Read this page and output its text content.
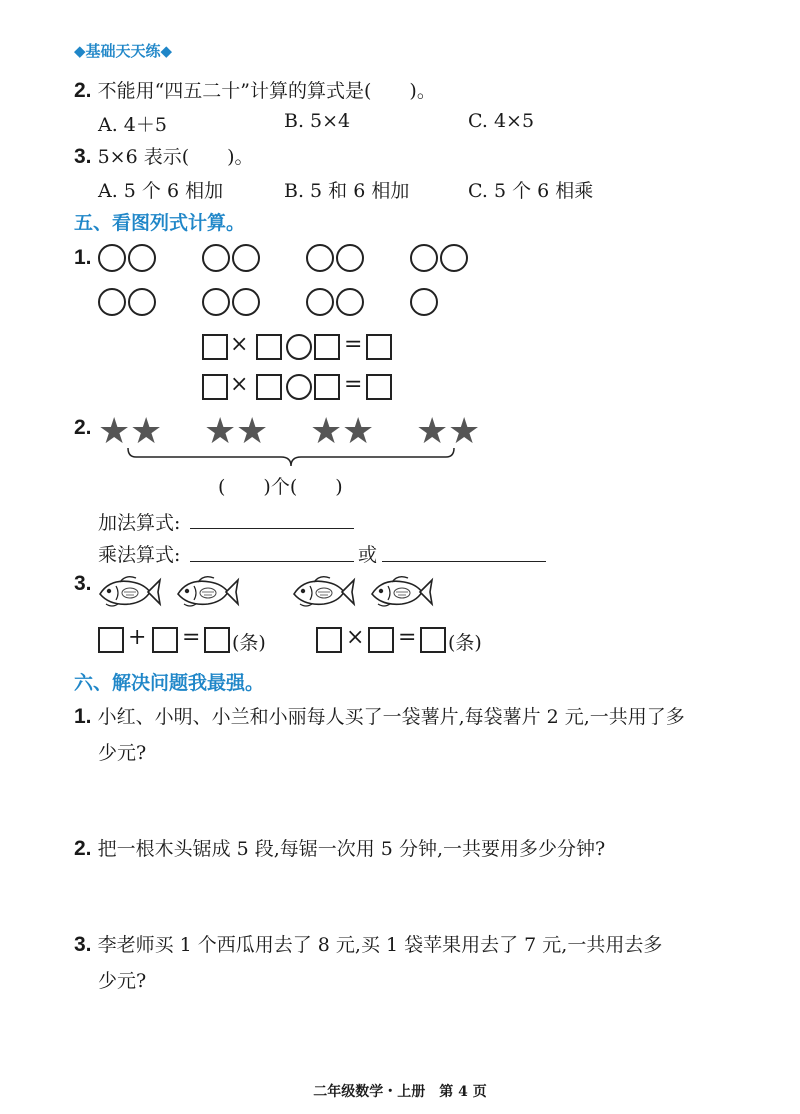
◆基础天天练◆
2. 不能用“四五二十”计算的算式是(　　)。
A. 4＋5	B. 5×4	C. 4×5
3. 5×6 表示(　　)。
A. 5 个 6 相加	B. 5 和 6 相加	C. 5 个 6 相乘
五、看图列式计算。
1.
×	=
×	=
2. ★ ★ ★ ★ ★ ★ ★ ★
(　　)个(　　)
加法算式:
乘法算式:	或
3.
+ = (条)	× = (条)
六、解决问题我最强。
1. 小红、小明、小兰和小丽每人买了一袋薯片,每袋薯片 2 元,一共用了多
少元?
2. 把一根木头锯成 5 段,每锯一次用 5 分钟,一共要用多少分钟?
3. 李老师买 1 个西瓜用去了 8 元,买 1 袋苹果用去了 7 元,一共用去多
少元?
二年级数学・上册　第 4 页
